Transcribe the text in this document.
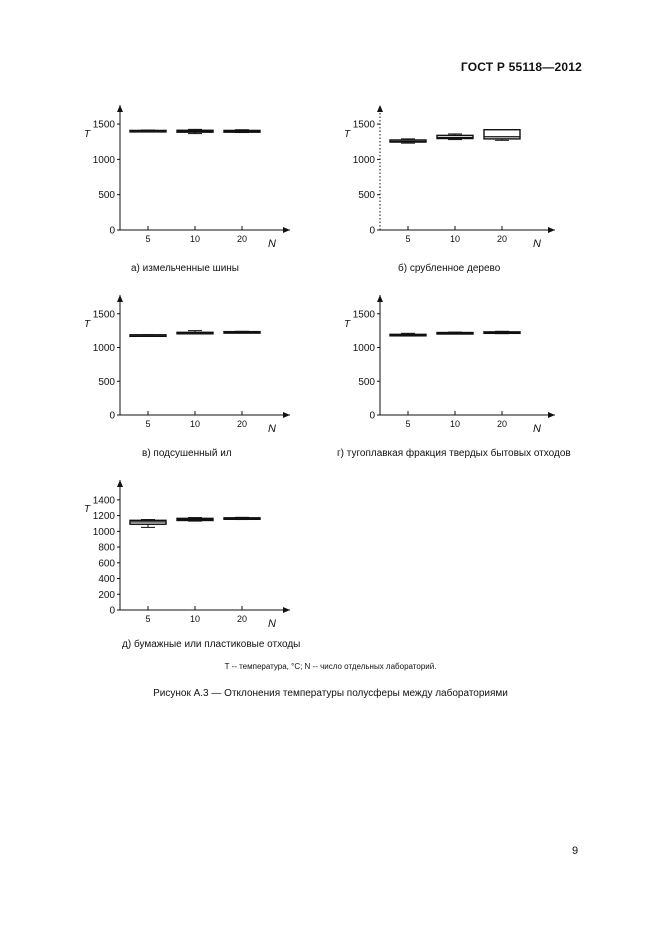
ГОСТ Р 55118—2012
0
500
1000
1500
T
N
5	10	20
а) измельченные шины
0
500
1000
1500
T
N
5	10	20
б) срубленное дерево
0
500
1000
1500
T
N
5	10	20
в) подсушенный ил
0
500
1000
1500
T
N
5	10	20
г) тугоплавкая фракция твердых бытовых отходов
0
200
400
600
800
1000
1200
1400
T
N
5	10	20
д) бумажные или пластиковые отходы
T -- температура, °С; N -- число отдельных лабораторий.
Рисунок А.3 — Отклонения температуры полусферы между лабораториями
9
